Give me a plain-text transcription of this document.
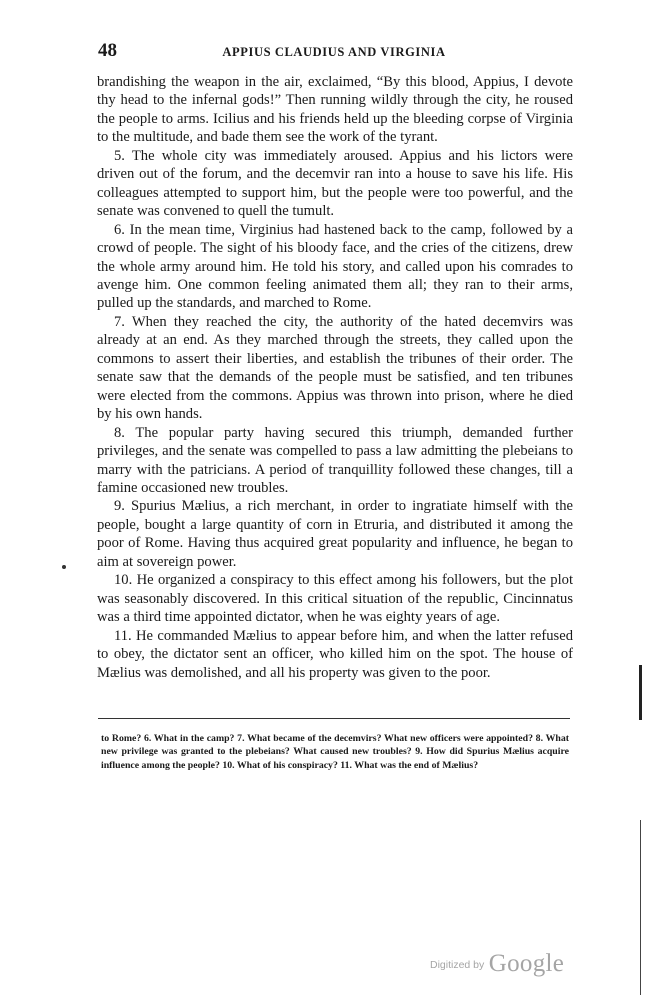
48	APPIUS CLAUDIUS AND VIRGINIA

brandishing the weapon in the air, exclaimed, “By this blood, Appius, I devote thy head to the infernal gods!” Then running wildly through the city, he roused the people to arms. Icilius and his friends held up the bleeding corpse of Virginia to the multitude, and bade them see the work of the tyrant.

5. The whole city was immediately aroused. Appius and his lictors were driven out of the forum, and the decemvir ran into a house to save his life. His colleagues attempted to support him, but the people were too powerful, and the senate was convened to quell the tumult.

6. In the mean time, Virginius had hastened back to the camp, followed by a crowd of people. The sight of his bloody face, and the cries of the citizens, drew the whole army around him. He told his story, and called upon his comrades to avenge him. One common feeling animated them all; they ran to their arms, pulled up the standards, and marched to Rome.

7. When they reached the city, the authority of the hated decemvirs was already at an end. As they marched through the streets, they called upon the commons to assert their liberties, and establish the tribunes of their order. The senate saw that the demands of the people must be satisfied, and ten tribunes were elected from the commons. Appius was thrown into prison, where he died by his own hands.

8. The popular party having secured this triumph, demanded further privileges, and the senate was compelled to pass a law admitting the plebeians to marry with the patricians. A period of tranquillity followed these changes, till a famine occasioned new troubles.

9. Spurius Mælius, a rich merchant, in order to ingratiate himself with the people, bought a large quantity of corn in Etruria, and distributed it among the poor of Rome. Having thus acquired great popularity and influence, he began to aim at sovereign power.

10. He organized a conspiracy to this effect among his followers, but the plot was seasonably discovered. In this critical situation of the republic, Cincinnatus was a third time appointed dictator, when he was eighty years of age.

11. He commanded Mælius to appear before him, and when the latter refused to obey, the dictator sent an officer, who killed him on the spot. The house of Mælius was demolished, and all his property was given to the poor.

to Rome? 6. What in the camp? 7. What became of the decemvirs? What new officers were appointed? 8. What new privilege was granted to the plebeians? What caused new troubles? 9. How did Spurius Mælius acquire influence among the people? 10. What of his conspiracy? 11. What was the end of Mælius?

Digitized by Google
